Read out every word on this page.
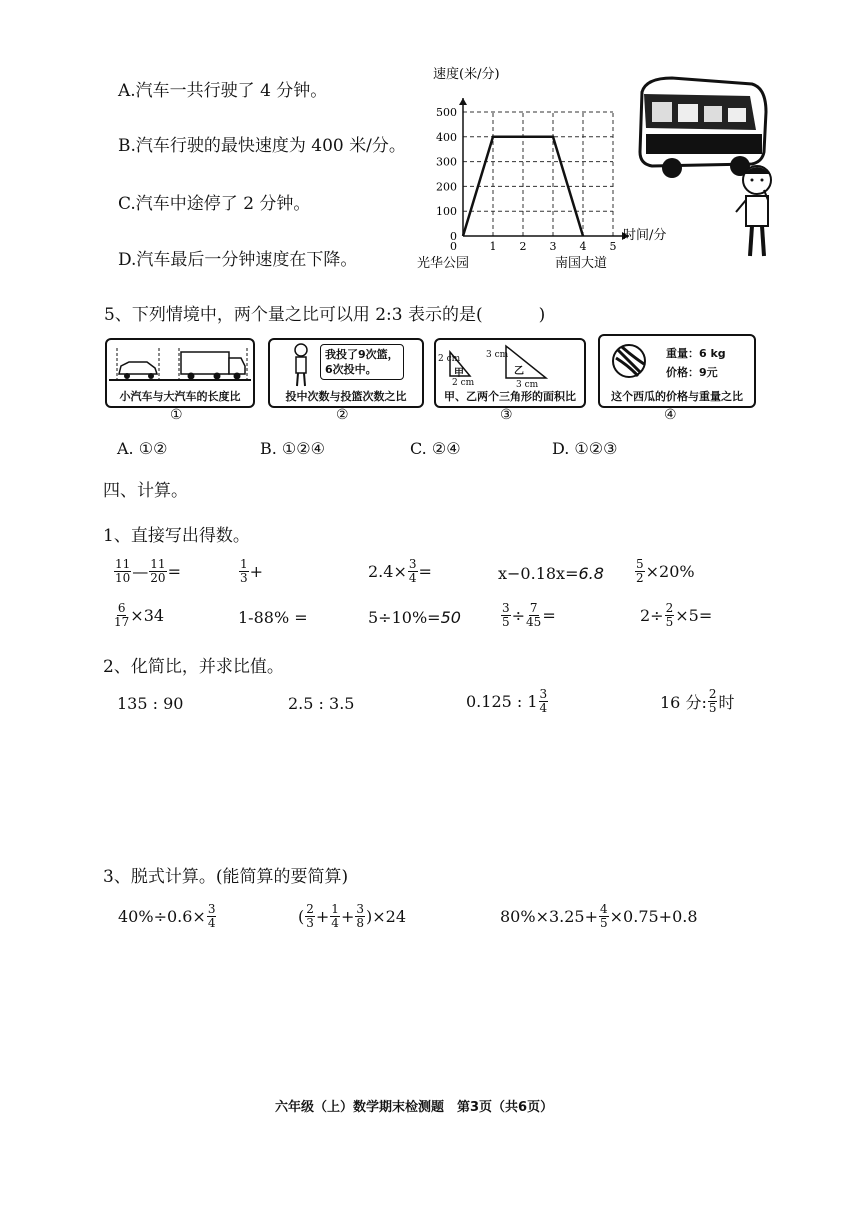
A.汽车一共行驶了 4 分钟。
B.汽车行驶的最快速度为 400 米/分。
C.汽车中途停了 2 分钟。
D.汽车最后一分钟速度在下降。
0
100
200
300
400
500
1 2 3 4 5
0
速度(米/分)
时间/分
光华公园	南国大道
5、下列情境中，两个量之比可以用 2:3 表示的是(	)
小汽车与大汽车的长度比
①
我投了9次篮，
6次投中。
投中次数与投篮次数之比
②
2 cm
2 cm
甲
3 cm
3 cm
乙
甲、乙两个三角形的面积比
③
重量：6 kg
价格：9元
这个西瓜的价格与重量之比
④
A. ①②	B. ①②④	C. ②④	D. ①②③
四、计算。
1、直接写出得数。
$\frac{11}{10}$ — $\frac{11}{20}$ =	$\frac{1}{3}$ +	$2.4\times \frac{3}{4}$ =	x−0.18x= 6.8	$\frac{5}{2} \times 20\%$
$\frac{6}{17} \times 34$	1-88% =	5÷10%= 50	$\frac{3}{5} \div \frac{7}{45}$ =	$2\div \frac{2}{5} \times 5=$
2、化简比，并求比值。
135 : 90	2.5 : 3.5	0.125 : $1 \frac{3}{4}$	16 分: $\frac{2}{5}$ 时
3、脱式计算。(能简算的要简算)
$40\%\div 0.6\times \frac{3}{4}$	( $\frac{2}{3} + \frac{1}{4} + \frac{3}{8} )\times 24$	$80\%\times 3.25+ \frac{4}{5} \times 0.75+0.8$
六年级（上）数学期末检测题　第3页（共6页）
